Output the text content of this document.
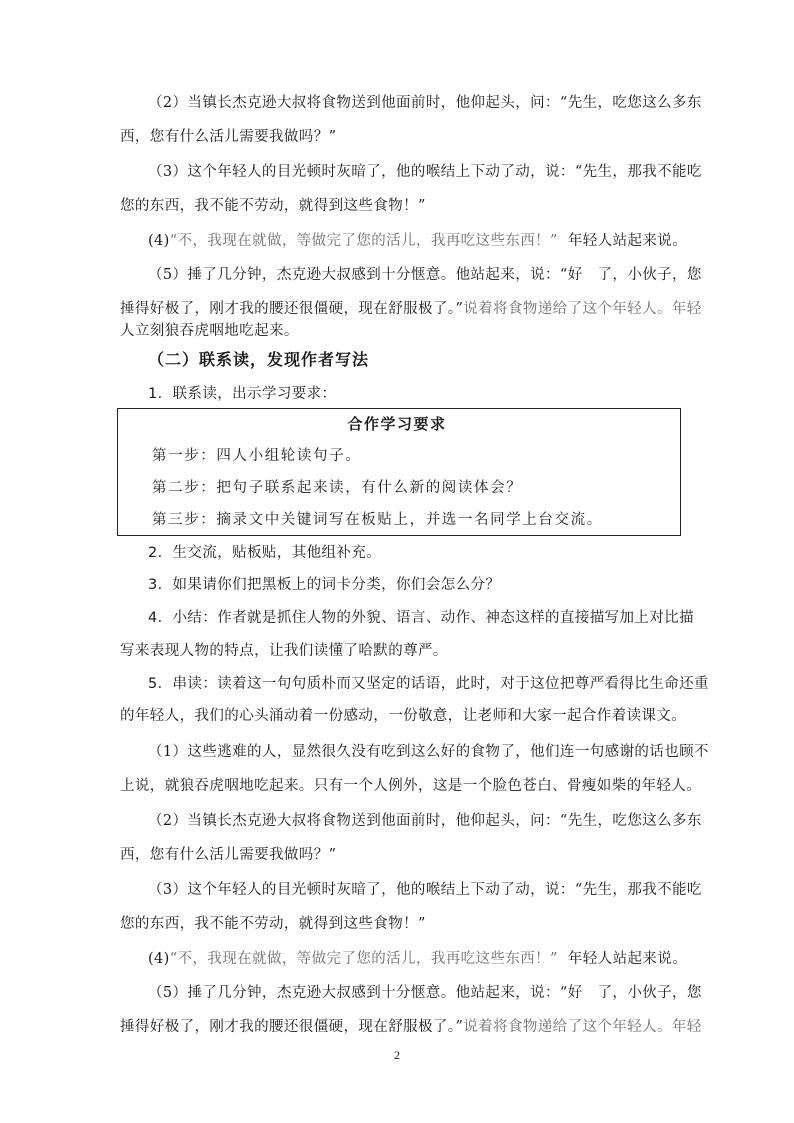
（2）当镇长杰克逊大叔将食物送到他面前时，他仰起头，问：“先生，吃您这么多东
西，您有什么活儿需要我做吗？”
（3）这个年轻人的目光顿时灰暗了，他的喉结上下动了动，说：“先生，那我不能吃
您的东西，我不能不劳动，就得到这些食物！”
(4)“不，我现在就做，等做完了您的活儿，我再吃这些东西！” 年轻人站起来说。
（5）捶了几分钟，杰克逊大叔感到十分惬意。他站起来，说：“好　了，小伙子，您
捶得好极了，刚才我的腰还很僵硬，现在舒服极了。”说着将食物递给了这个年轻人。年轻
人立刻狼吞虎咽地吃起来。
（二）联系读，发现作者写法
1．联系读，出示学习要求：
合作学习要求
第一步：四人小组轮读句子。
第二步：把句子联系起来读，有什么新的阅读体会？
第三步：摘录文中关键词写在板贴上，并选一名同学上台交流。
2．生交流，贴板贴，其他组补充。
3．如果请你们把黑板上的词卡分类，你们会怎么分？
4．小结：作者就是抓住人物的外貌、语言、动作、神态这样的直接描写加上对比描
写来表现人物的特点，让我们读懂了哈默的尊严。
5．串读：读着这一句句质朴而又坚定的话语，此时，对于这位把尊严看得比生命还重
的年轻人，我们的心头涌动着一份感动，一份敬意，让老师和大家一起合作着读课文。
（1）这些逃难的人，显然很久没有吃到这么好的食物了，他们连一句感谢的话也顾不
上说，就狼吞虎咽地吃起来。只有一个人例外，这是一个脸色苍白、骨瘦如柴的年轻人。
（2）当镇长杰克逊大叔将食物送到他面前时，他仰起头，问：“先生，吃您这么多东
西，您有什么活儿需要我做吗？”
（3）这个年轻人的目光顿时灰暗了，他的喉结上下动了动，说：“先生，那我不能吃
您的东西，我不能不劳动，就得到这些食物！”
(4)“不，我现在就做，等做完了您的活儿，我再吃这些东西！” 年轻人站起来说。
（5）捶了几分钟，杰克逊大叔感到十分惬意。他站起来，说：“好　了，小伙子，您
捶得好极了，刚才我的腰还很僵硬，现在舒服极了。”说着将食物递给了这个年轻人。年轻
2
